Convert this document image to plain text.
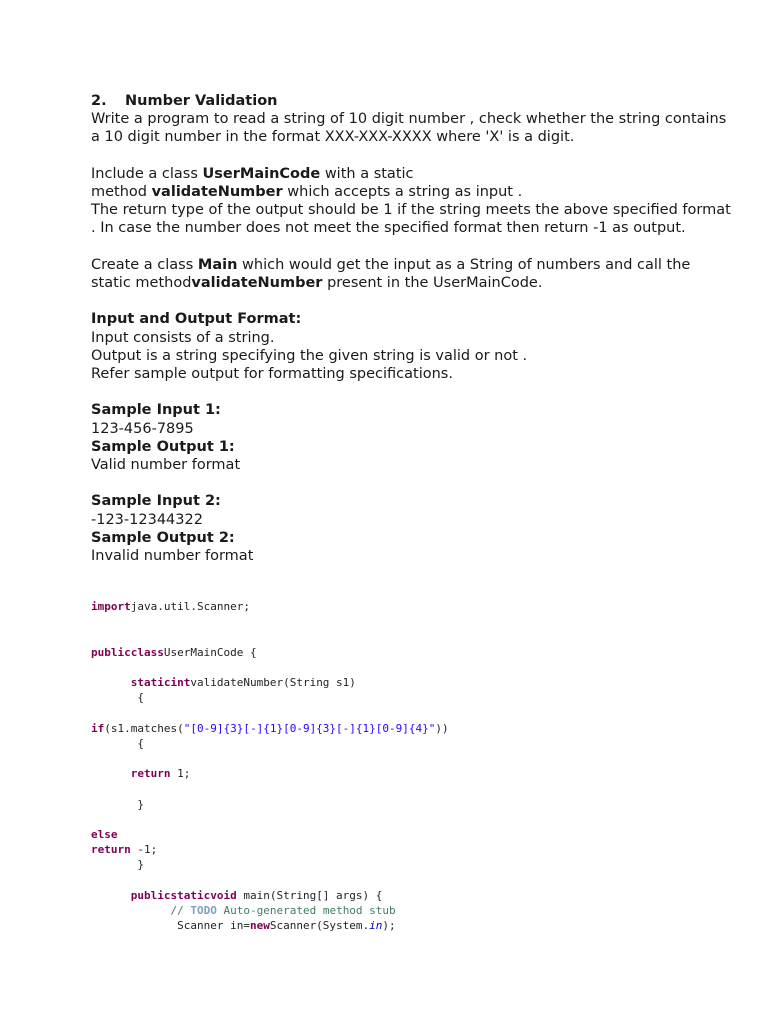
2. Number Validation

Write a program to read a string of 10 digit number , check whether the string contains a 10 digit number in the format XXX-XXX-XXXX where 'X' is a digit.

Include a class UserMainCode with a static
method validateNumber which accepts a string as input .

The return type of the output should be 1 if the string meets the above specified format . In case the number does not meet the specified format then return -1 as output.

Create a class Main which would get the input as a String of numbers and call the static methodvalidateNumber present in the UserMainCode.

Input and Output Format:

Input consists of a string.

Output is a string specifying the given string is valid or not .

Refer sample output for formatting specifications.

Sample Input 1:

123-456-7895

Sample Output 1:

Valid number format

Sample Input 2:

-123-12344322

Sample Output 2:

Invalid number format

importjava.util.Scanner;

publicclassUserMainCode {

staticintvalidateNumber(String s1)
{

if(s1.matches("[0-9]{3}[-]{1}[0-9]{3}[-]{1}[0-9]{4}"))
{

return 1;

}

else
return -1;
}

publicstaticvoid main(String[] args) {
// TODO Auto-generated method stub
Scanner in=newScanner(System.in);
